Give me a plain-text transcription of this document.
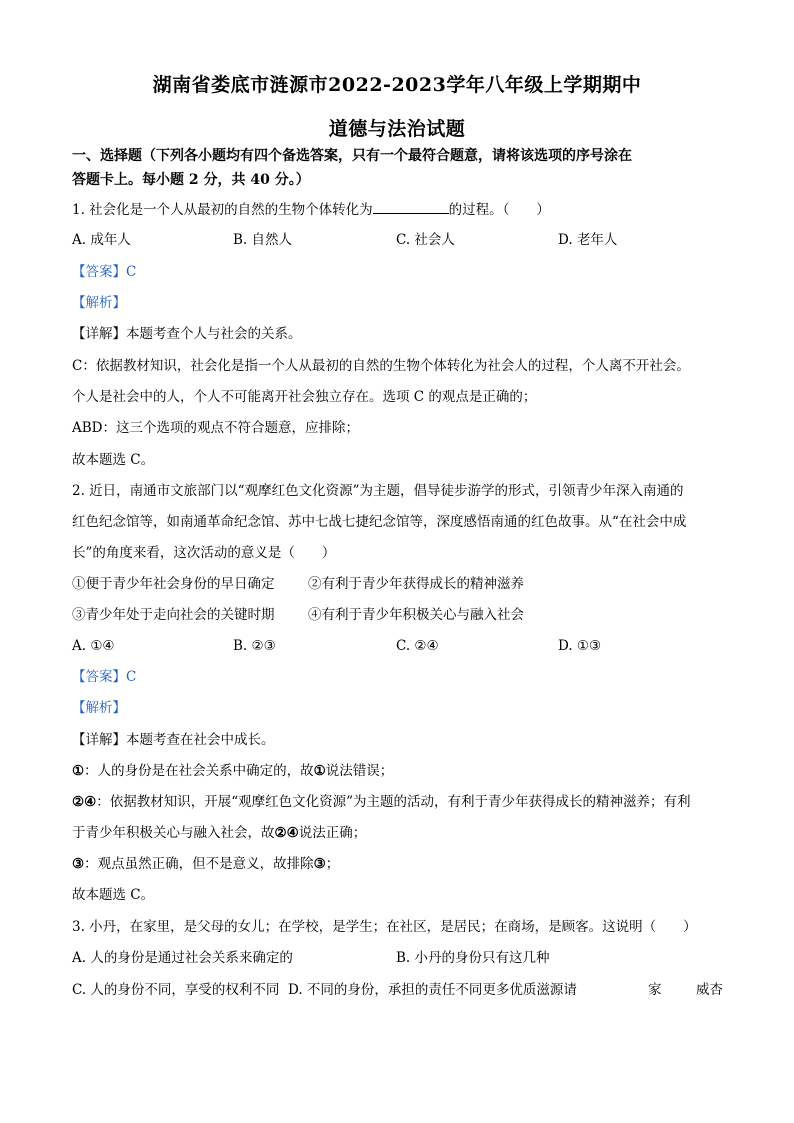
湖南省娄底市涟源市2022-2023学年八年级上学期期中
道德与法治试题
一、选择题（下列各小题均有四个备选答案，只有一个最符合题意，请将该选项的序号涂在
答题卡上。每小题 2 分，共 40 分。）
1. 社会化是一个人从最初的自然的生物个体转化为	的过程。（　　）
A. 成年人	B. 自然人	C. 社会人	D. 老年人
【答案】C
【解析】
【详解】本题考查个人与社会的关系。
C：依据教材知识，社会化是指一个人从最初的自然的生物个体转化为社会人的过程，个人离不开社会。
个人是社会中的人，个人不可能离开社会独立存在。选项 C 的观点是正确的；
ABD：这三个选项的观点不符合题意，应排除；
故本题选 C。
2. 近日，南通市文旅部门以“观摩红色文化资源”为主题，倡导徒步游学的形式，引领青少年深入南通的
红色纪念馆等，如南通革命纪念馆、苏中七战七捷纪念馆等，深度感悟南通的红色故事。从“在社会中成
长”的角度来看，这次活动的意义是（　　）
①便于青少年社会身份的早日确定 ②有利于青少年获得成长的精神滋养
③青少年处于走向社会的关键时期 ④有利于青少年积极关心与融入社会
A. ①④	B. ②③	C. ②④	D. ①③
【答案】C
【解析】
【详解】本题考查在社会中成长。
①：人的身份是在社会关系中确定的，故①说法错误；
②④：依据教材知识，开展“观摩红色文化资源”为主题的活动，有利于青少年获得成长的精神滋养；有利
于青少年积极关心与融入社会，故②④说法正确；
③：观点虽然正确，但不是意义，故排除③；
故本题选 C。
3. 小丹，在家里，是父母的女儿；在学校，是学生；在社区，是居民；在商场，是顾客。这说明（　　）
A. 人的身份是通过社会关系来确定的	B. 小丹的身份只有这几种
C. 人的身份不同，享受的权利不同 D. 不同的身份，承担的责任不同更多优质滋源请	家	威杏
